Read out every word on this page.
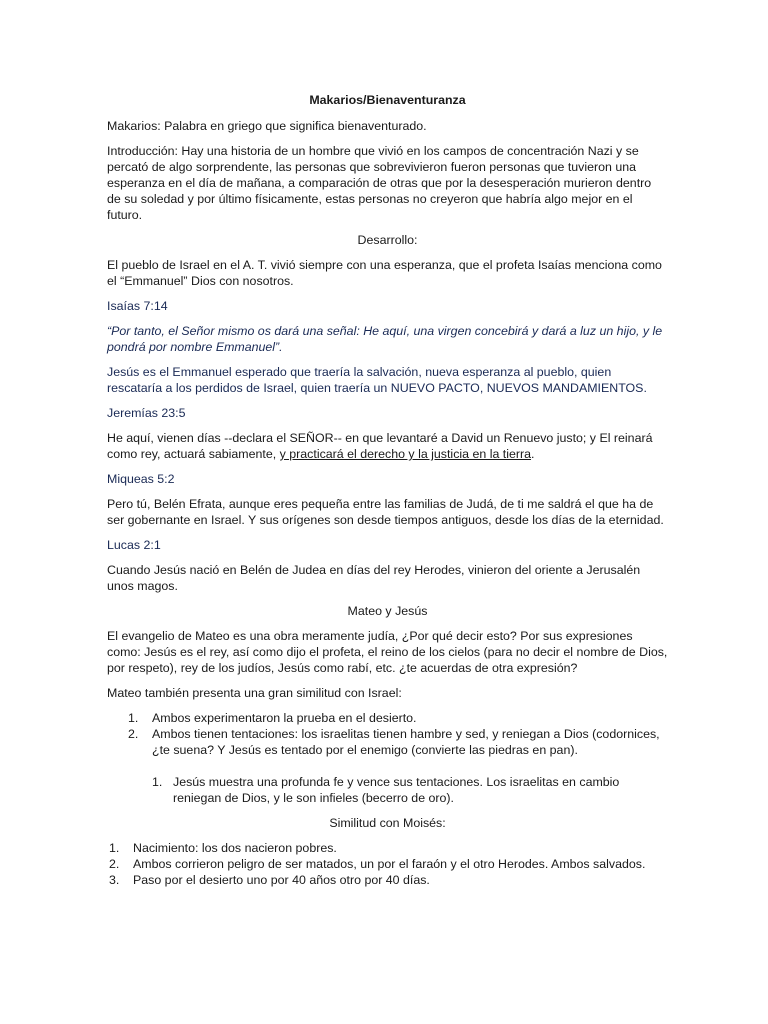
Makarios/Bienaventuranza

Makarios: Palabra en griego que significa bienaventurado.

Introducción: Hay una historia de un hombre que vivió en los campos de concentración Nazi y se percató de algo sorprendente, las personas que sobrevivieron fueron personas que tuvieron una esperanza en el día de mañana, a comparación de otras que por la desesperación murieron dentro de su soledad y por último físicamente, estas personas no creyeron que habría algo mejor en el futuro.

Desarrollo:

El pueblo de Israel en el A. T. vivió siempre con una esperanza, que el profeta Isaías menciona como el “Emmanuel” Dios con nosotros.

Isaías 7:14

“Por tanto, el Señor mismo os dará una señal: He aquí, una virgen concebirá y dará a luz un hijo, y le pondrá por nombre Emmanuel”.

Jesús es el Emmanuel esperado que traería la salvación, nueva esperanza al pueblo, quien rescataría a los perdidos de Israel, quien traería un NUEVO PACTO, NUEVOS MANDAMIENTOS.

Jeremías 23:5

He aquí, vienen días --declara el SEÑOR-- en que levantaré a David un Renuevo justo; y El reinará como rey, actuará sabiamente, y practicará el derecho y la justicia en la tierra.

Miqueas 5:2

Pero tú, Belén Efrata, aunque eres pequeña entre las familias de Judá, de ti me saldrá el que ha de ser gobernante en Israel. Y sus orígenes son desde tiempos antiguos, desde los días de la eternidad.

Lucas 2:1

Cuando Jesús nació en Belén de Judea en días del rey Herodes, vinieron del oriente a Jerusalén unos magos.

Mateo y Jesús

El evangelio de Mateo es una obra meramente judía, ¿Por qué decir esto? Por sus expresiones como: Jesús es el rey, así como dijo el profeta, el reino de los cielos (para no decir el nombre de Dios, por respeto), rey de los judíos, Jesús como rabí, etc. ¿te acuerdas de otra expresión?

Mateo también presenta una gran similitud con Israel:

1. Ambos experimentaron la prueba en el desierto.
2. Ambos tienen tentaciones: los israelitas tienen hambre y sed, y reniegan a Dios (codornices, ¿te suena? Y Jesús es tentado por el enemigo (convierte las piedras en pan).
1. Jesús muestra una profunda fe y vence sus tentaciones. Los israelitas en cambio reniegan de Dios, y le son infieles (becerro de oro).

Similitud con Moisés:

1. Nacimiento: los dos nacieron pobres.
2. Ambos corrieron peligro de ser matados, un por el faraón y el otro Herodes. Ambos salvados.
3. Paso por el desierto uno por 40 años otro por 40 días.
